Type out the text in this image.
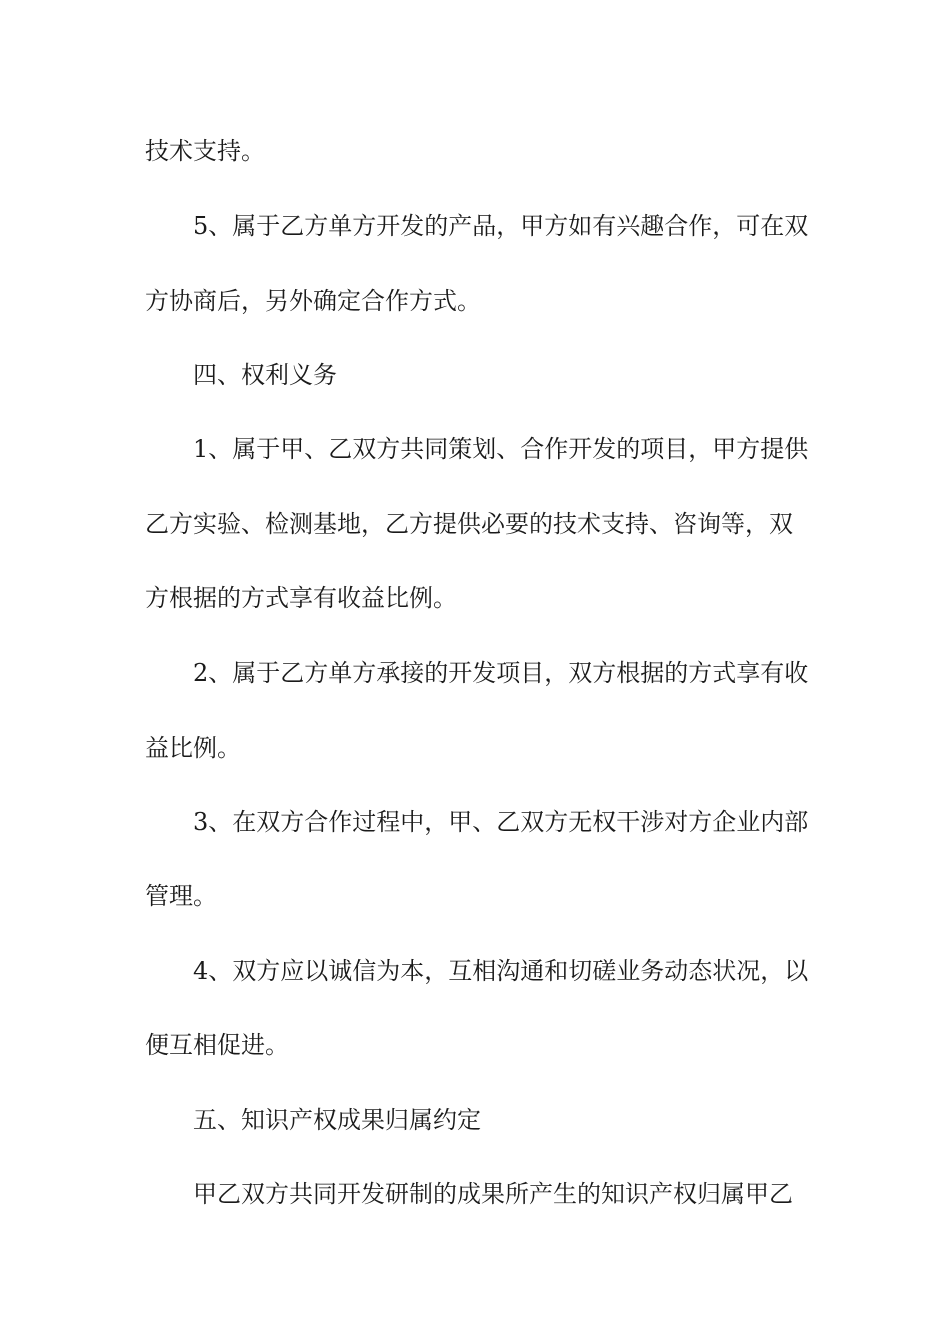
技术支持。
5、属于乙方单方开发的产品，甲方如有兴趣合作，可在双
方协商后，另外确定合作方式。
四、权利义务
1、属于甲、乙双方共同策划、合作开发的项目，甲方提供
乙方实验、检测基地，乙方提供必要的技术支持、咨询等，双
方根据的方式享有收益比例。
2、属于乙方单方承接的开发项目，双方根据的方式享有收
益比例。
3、在双方合作过程中，甲、乙双方无权干涉对方企业内部
管理。
4、双方应以诚信为本，互相沟通和切磋业务动态状况，以
便互相促进。
五、知识产权成果归属约定
甲乙双方共同开发研制的成果所产生的知识产权归属甲乙
